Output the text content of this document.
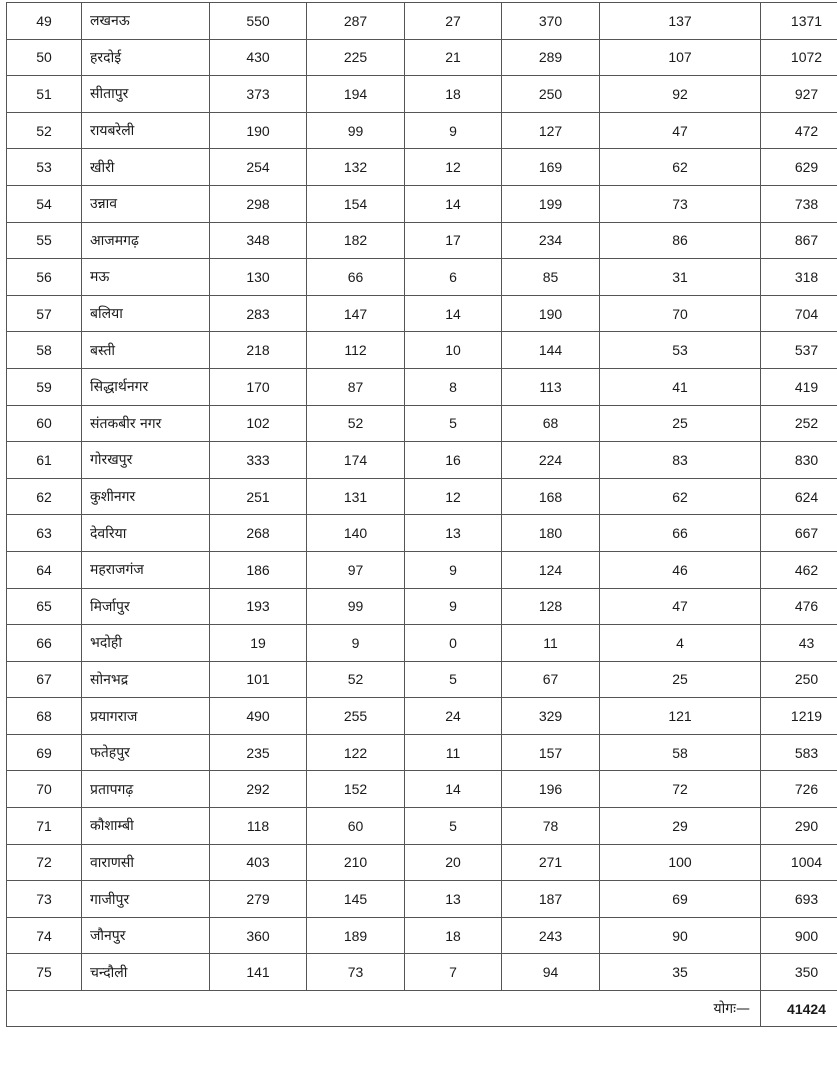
49	लखनऊ	550	287	27	370	137	1371
50	हरदोई	430	225	21	289	107	1072
51	सीतापुर	373	194	18	250	92	927
52	रायबरेली	190	99	9	127	47	472
53	खीरी	254	132	12	169	62	629
54	उन्नाव	298	154	14	199	73	738
55	आजमगढ़	348	182	17	234	86	867
56	मऊ	130	66	6	85	31	318
57	बलिया	283	147	14	190	70	704
58	बस्ती	218	112	10	144	53	537
59	सिद्धार्थनगर	170	87	8	113	41	419
60	संतकबीर नगर	102	52	5	68	25	252
61	गोरखपुर	333	174	16	224	83	830
62	कुशीनगर	251	131	12	168	62	624
63	देवरिया	268	140	13	180	66	667
64	महराजगंज	186	97	9	124	46	462
65	मिर्जापुर	193	99	9	128	47	476
66	भदोही	19	9	0	11	4	43
67	सोनभद्र	101	52	5	67	25	250
68	प्रयागराज	490	255	24	329	121	1219
69	फतेहपुर	235	122	11	157	58	583
70	प्रतापगढ़	292	152	14	196	72	726
71	कौशाम्बी	118	60	5	78	29	290
72	वाराणसी	403	210	20	271	100	1004
73	गाजीपुर	279	145	13	187	69	693
74	जौनपुर	360	189	18	243	90	900
75	चन्दौली	141	73	7	94	35	350
योगः—							41424
